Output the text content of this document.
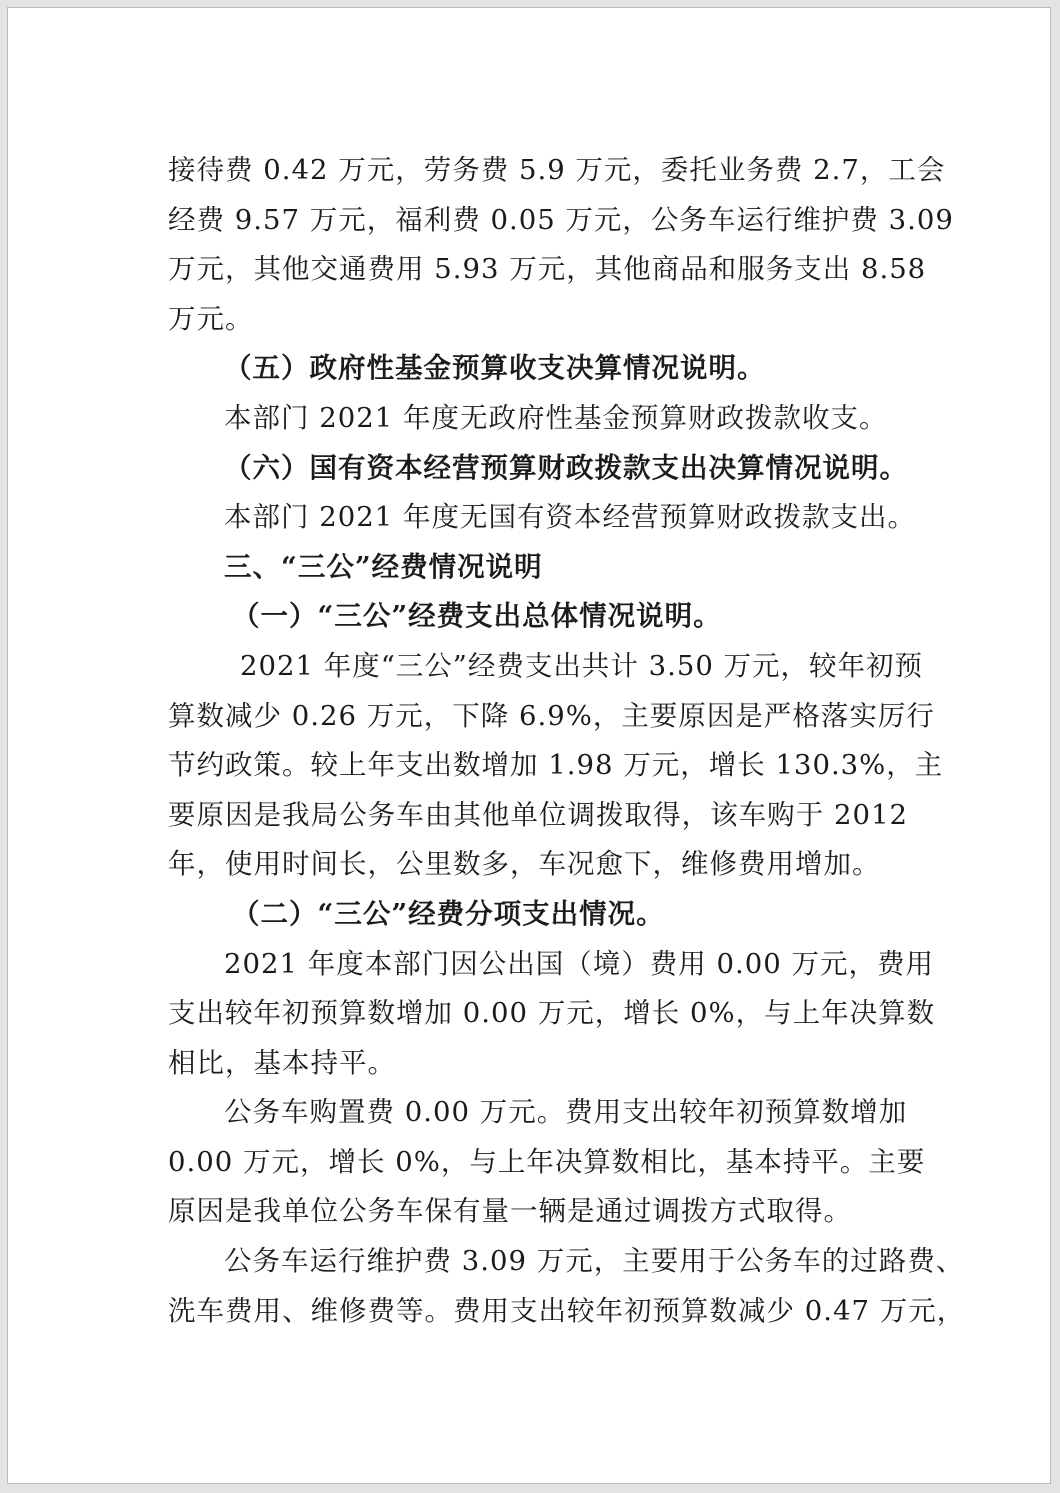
接待费 0.42 万元，劳务费 5.9 万元，委托业务费 2.7，工会
经费 9.57 万元，福利费 0.05 万元，公务车运行维护费 3.09
万元，其他交通费用 5.93 万元，其他商品和服务支出 8.58
万元。
（五）政府性基金预算收支决算情况说明。
本部门 2021 年度无政府性基金预算财政拨款收支。
（六）国有资本经营预算财政拨款支出决算情况说明。
本部门 2021 年度无国有资本经营预算财政拨款支出。
三、“三公”经费情况说明
（一）“三公”经费支出总体情况说明。
2021 年度“三公”经费支出共计 3.50 万元，较年初预
算数减少 0.26 万元，下降 6.9%，主要原因是严格落实厉行
节约政策。较上年支出数增加 1.98 万元，增长 130.3%，主
要原因是我局公务车由其他单位调拨取得，该车购于 2012
年，使用时间长，公里数多，车况愈下，维修费用增加。
（二）“三公”经费分项支出情况。
2021 年度本部门因公出国（境）费用 0.00 万元，费用
支出较年初预算数增加 0.00 万元，增长 0%，与上年决算数
相比，基本持平。
公务车购置费 0.00 万元。费用支出较年初预算数增加
0.00 万元，增长 0%，与上年决算数相比，基本持平。主要
原因是我单位公务车保有量一辆是通过调拨方式取得。
公务车运行维护费 3.09 万元，主要用于公务车的过路费、
洗车费用、维修费等。费用支出较年初预算数减少 0.47 万元，
